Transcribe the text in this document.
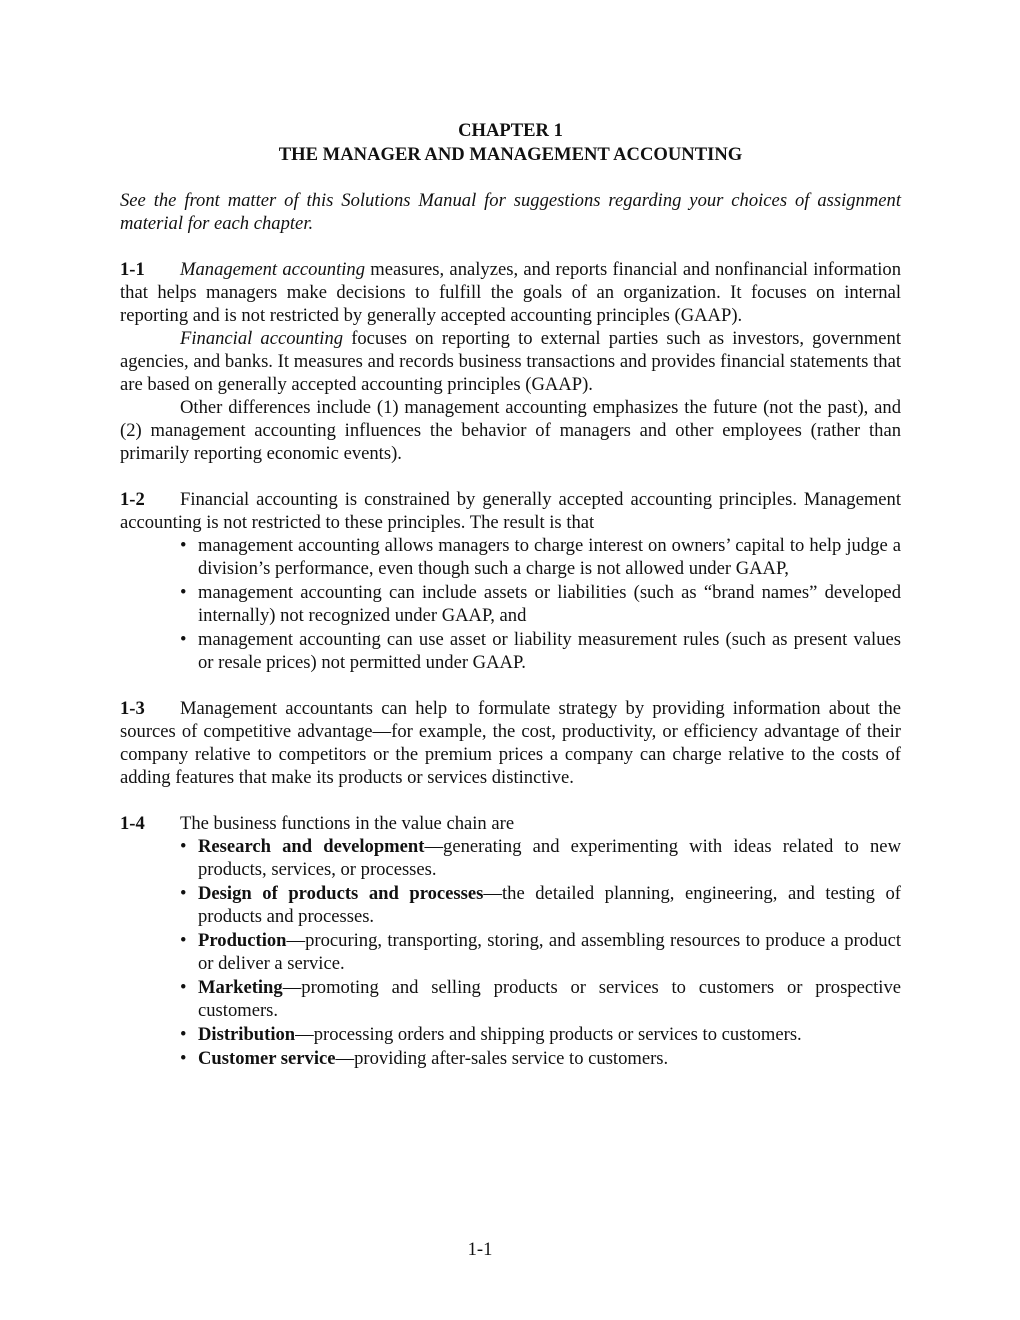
CHAPTER 1
THE MANAGER AND MANAGEMENT ACCOUNTING
See the front matter of this Solutions Manual for suggestions regarding your choices of assignment material for each chapter.
1-1 Management accounting measures, analyzes, and reports financial and nonfinancial information that helps managers make decisions to fulfill the goals of an organization. It focuses on internal reporting and is not restricted by generally accepted accounting principles (GAAP).
Financial accounting focuses on reporting to external parties such as investors, government agencies, and banks. It measures and records business transactions and provides financial statements that are based on generally accepted accounting principles (GAAP).
Other differences include (1) management accounting emphasizes the future (not the past), and (2) management accounting influences the behavior of managers and other employees (rather than primarily reporting economic events).
1-2 Financial accounting is constrained by generally accepted accounting principles. Management accounting is not restricted to these principles. The result is that
• management accounting allows managers to charge interest on owners’ capital to help judge a division’s performance, even though such a charge is not allowed under GAAP,
• management accounting can include assets or liabilities (such as “brand names” developed internally) not recognized under GAAP, and
• management accounting can use asset or liability measurement rules (such as present values or resale prices) not permitted under GAAP.
1-3 Management accountants can help to formulate strategy by providing information about the sources of competitive advantage—for example, the cost, productivity, or efficiency advantage of their company relative to competitors or the premium prices a company can charge relative to the costs of adding features that make its products or services distinctive.
1-4 The business functions in the value chain are
• Research and development—generating and experimenting with ideas related to new products, services, or processes.
• Design of products and processes—the detailed planning, engineering, and testing of products and processes.
• Production—procuring, transporting, storing, and assembling resources to produce a product or deliver a service.
• Marketing—promoting and selling products or services to customers or prospective customers.
• Distribution—processing orders and shipping products or services to customers.
• Customer service—providing after-sales service to customers.
1-1
